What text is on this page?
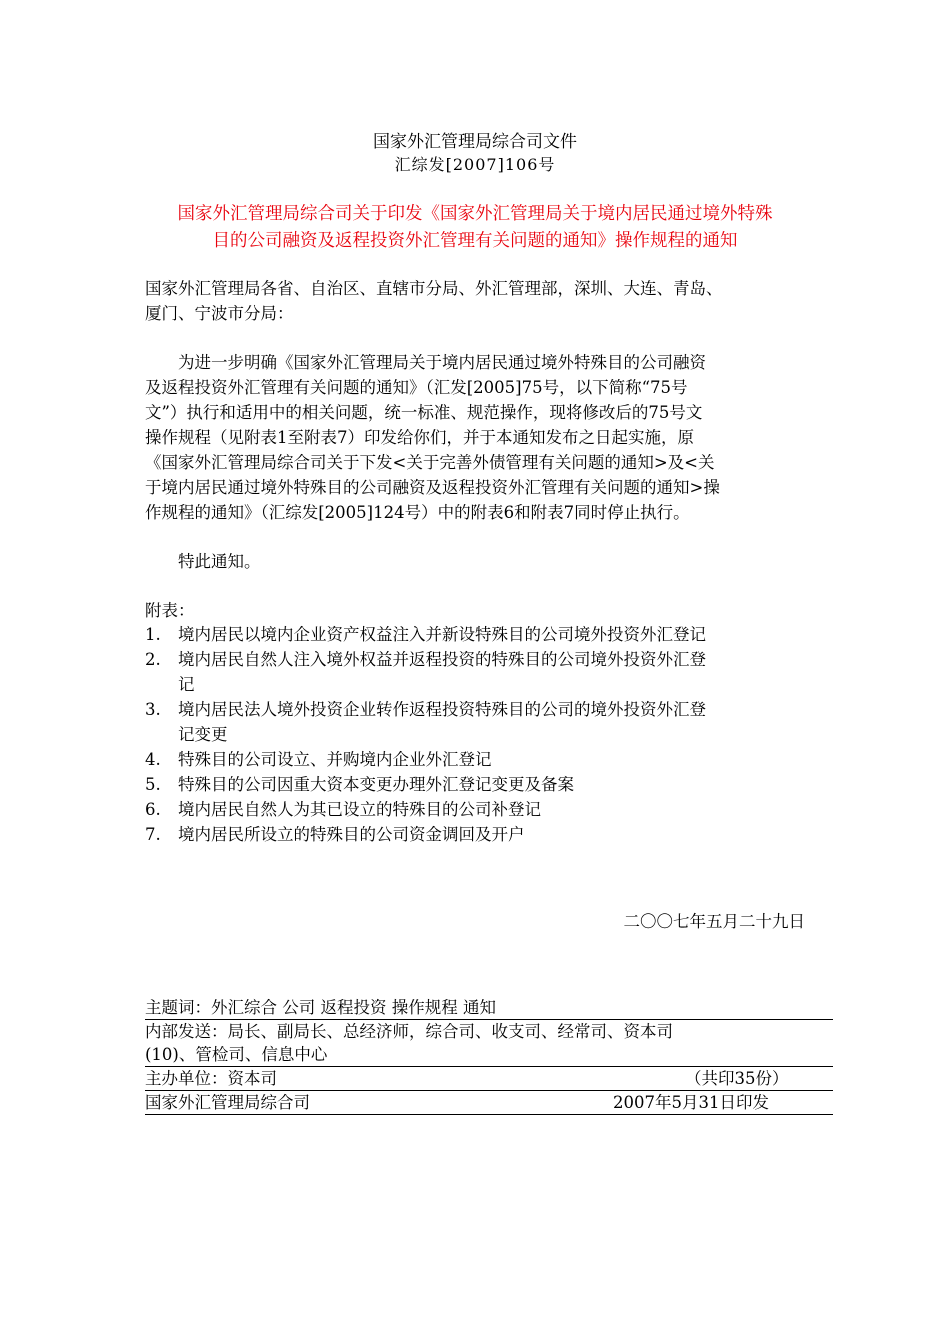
国家外汇管理局综合司文件
汇综发[2007]106号
国家外汇管理局综合司关于印发《国家外汇管理局关于境内居民通过境外特殊
目的公司融资及返程投资外汇管理有关问题的通知》操作规程的通知
国家外汇管理局各省、自治区、直辖市分局、外汇管理部，深圳、大连、青岛、
厦门、宁波市分局：
　　为进一步明确《国家外汇管理局关于境内居民通过境外特殊目的公司融资
及返程投资外汇管理有关问题的通知》（汇发[2005]75号，以下简称“75号
文”）执行和适用中的相关问题，统一标准、规范操作，现将修改后的75号文
操作规程（见附表1至附表7）印发给你们，并于本通知发布之日起实施，原
《国家外汇管理局综合司关于下发<关于完善外债管理有关问题的通知>及<关
于境内居民通过境外特殊目的公司融资及返程投资外汇管理有关问题的通知>操
作规程的通知》（汇综发[2005]124号）中的附表6和附表7同时停止执行。
　　特此通知。
附表：
1. 境内居民以境内企业资产权益注入并新设特殊目的公司境外投资外汇登记
2. 境内居民自然人注入境外权益并返程投资的特殊目的公司境外投资外汇登
记
3. 境内居民法人境外投资企业转作返程投资特殊目的公司的境外投资外汇登
记变更
4. 特殊目的公司设立、并购境内企业外汇登记
5. 特殊目的公司因重大资本变更办理外汇登记变更及备案
6. 境内居民自然人为其已设立的特殊目的公司补登记
7. 境内居民所设立的特殊目的公司资金调回及开户
二〇〇七年五月二十九日
主题词：外汇综合 公司 返程投资 操作规程 通知
内部发送：局长、副局长、总经济师，综合司、收支司、经常司、资本司
(10)、管检司、信息中心
主办单位：资本司	（共印35份）
国家外汇管理局综合司	2007年5月31日印发
